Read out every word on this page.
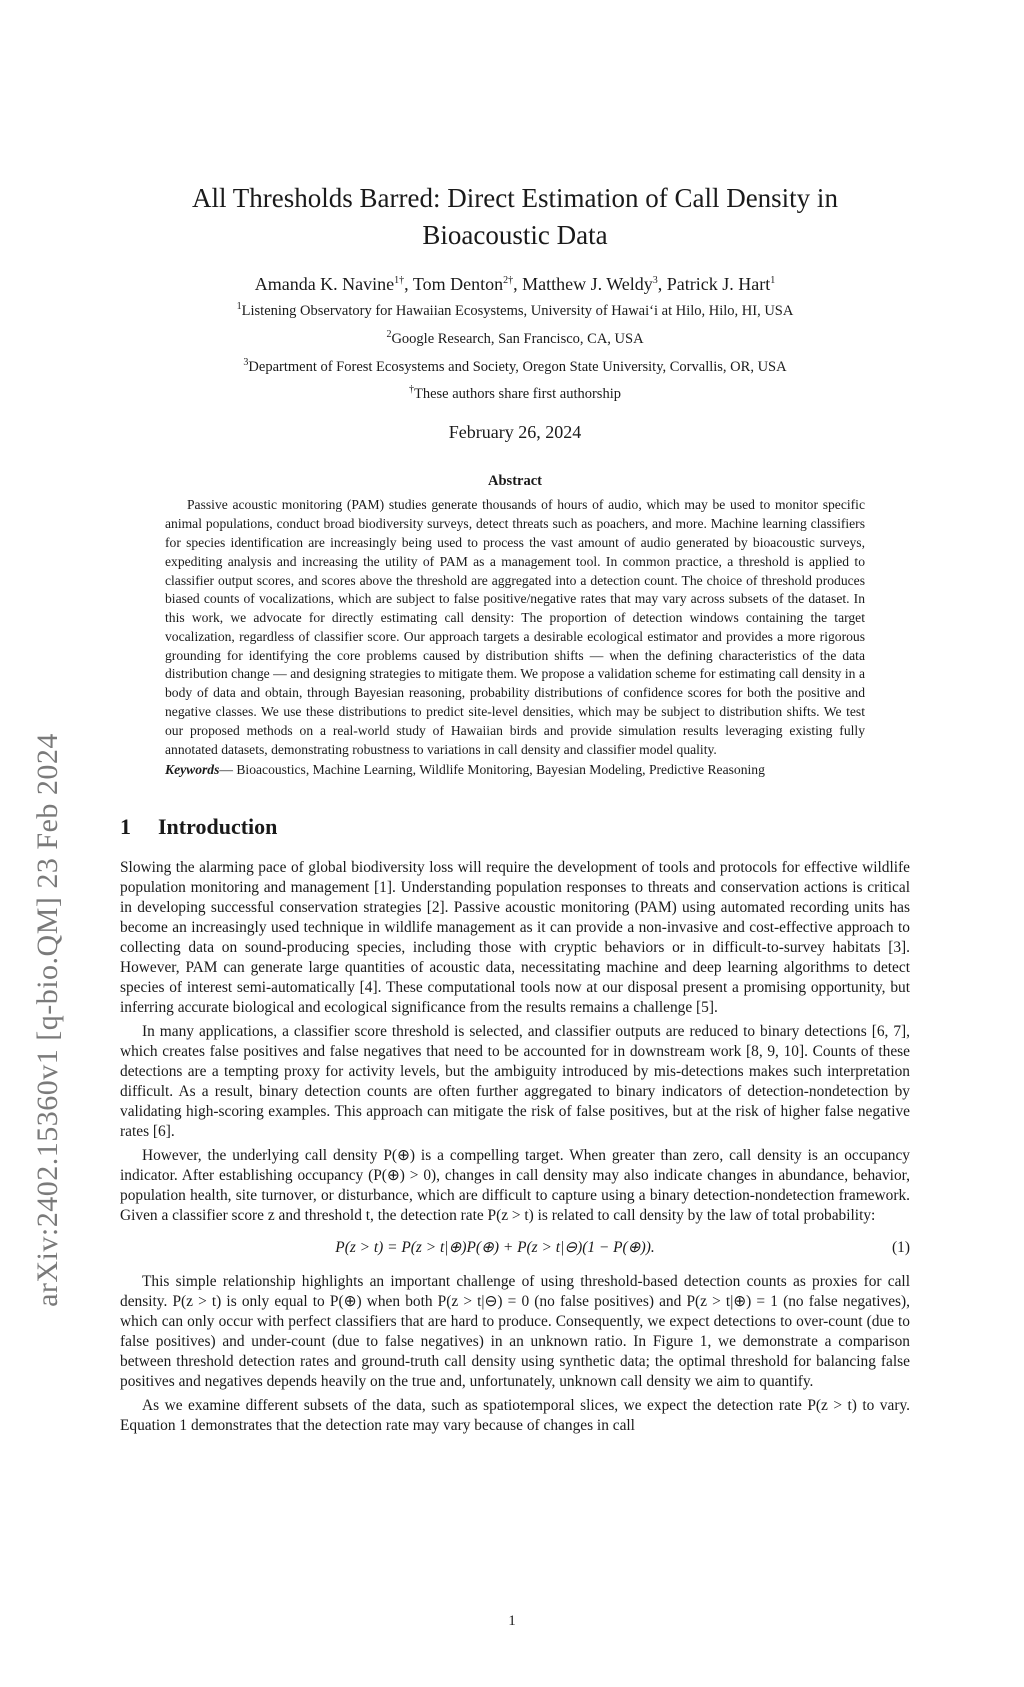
arXiv:2402.15360v1 [q-bio.QM] 23 Feb 2024
All Thresholds Barred: Direct Estimation of Call Density in Bioacoustic Data
Amanda K. Navine$^{1\dagger}$, Tom Denton$^{2\dagger}$, Matthew J. Weldy$^3$, Patrick J. Hart$^1$
$^1$Listening Observatory for Hawaiian Ecosystems, University of Hawai‘i at Hilo, Hilo, HI, USA
$^2$Google Research, San Francisco, CA, USA
$^3$Department of Forest Ecosystems and Society, Oregon State University, Corvallis, OR, USA
†These authors share first authorship
February 26, 2024
Abstract
Passive acoustic monitoring (PAM) studies generate thousands of hours of audio, which may be used to monitor specific animal populations, conduct broad biodiversity surveys, detect threats such as poachers, and more. Machine learning classifiers for species identification are increasingly being used to process the vast amount of audio generated by bioacoustic surveys, expediting analysis and increasing the utility of PAM as a management tool. In common practice, a threshold is applied to classifier output scores, and scores above the threshold are aggregated into a detection count. The choice of threshold produces biased counts of vocalizations, which are subject to false positive/negative rates that may vary across subsets of the dataset. In this work, we advocate for directly estimating call density: The proportion of detection windows containing the target vocalization, regardless of classifier score. Our approach targets a desirable ecological estimator and provides a more rigorous grounding for identifying the core problems caused by distribution shifts — when the defining characteristics of the data distribution change — and designing strategies to mitigate them. We propose a validation scheme for estimating call density in a body of data and obtain, through Bayesian reasoning, probability distributions of confidence scores for both the positive and negative classes. We use these distributions to predict site-level densities, which may be subject to distribution shifts. We test our proposed methods on a real-world study of Hawaiian birds and provide simulation results leveraging existing fully annotated datasets, demonstrating robustness to variations in call density and classifier model quality.
Keywords— Bioacoustics, Machine Learning, Wildlife Monitoring, Bayesian Modeling, Predictive Reasoning
1 Introduction

Slowing the alarming pace of global biodiversity loss will require the development of tools and protocols for effective wildlife population monitoring and management [1]. Understanding population responses to threats and conservation actions is critical in developing successful conservation strategies [2]. Passive acoustic monitoring (PAM) using automated recording units has become an increasingly used technique in wildlife management as it can provide a non-invasive and cost-effective approach to collecting data on sound-producing species, including those with cryptic behaviors or in difficult-to-survey habitats [3]. However, PAM can generate large quantities of acoustic data, necessitating machine and deep learning algorithms to detect species of interest semi-automatically [4]. These computational tools now at our disposal present a promising opportunity, but inferring accurate biological and ecological significance from the results remains a challenge [5].

In many applications, a classifier score threshold is selected, and classifier outputs are reduced to binary detections [6, 7], which creates false positives and false negatives that need to be accounted for in downstream work [8, 9, 10]. Counts of these detections are a tempting proxy for activity levels, but the ambiguity introduced by mis-detections makes such interpretation difficult. As a result, binary detection counts are often further aggregated to binary indicators of detection-nondetection by validating high-scoring examples. This approach can mitigate the risk of false positives, but at the risk of higher false negative rates [6].

However, the underlying call density P(⊕) is a compelling target. When greater than zero, call density is an occupancy indicator. After establishing occupancy (P(⊕) > 0), changes in call density may also indicate changes in abundance, behavior, population health, site turnover, or disturbance, which are difficult to capture using a binary detection-nondetection framework. Given a classifier score z and threshold t, the detection rate P(z > t) is related to call density by the law of total probability:

P(z > t) = P(z > t|⊕)P(⊕) + P(z > t|⊖)(1 − P(⊕)).	(1)

This simple relationship highlights an important challenge of using threshold-based detection counts as proxies for call density. P(z > t) is only equal to P(⊕) when both P(z > t|⊖) = 0 (no false positives) and P(z > t|⊕) = 1 (no false negatives), which can only occur with perfect classifiers that are hard to produce. Consequently, we expect detections to over-count (due to false positives) and under-count (due to false negatives) in an unknown ratio. In Figure 1, we demonstrate a comparison between threshold detection rates and ground-truth call density using synthetic data; the optimal threshold for balancing false positives and negatives depends heavily on the true and, unfortunately, unknown call density we aim to quantify.

As we examine different subsets of the data, such as spatiotemporal slices, we expect the detection rate P(z > t) to vary. Equation 1 demonstrates that the detection rate may vary because of changes in call

1
